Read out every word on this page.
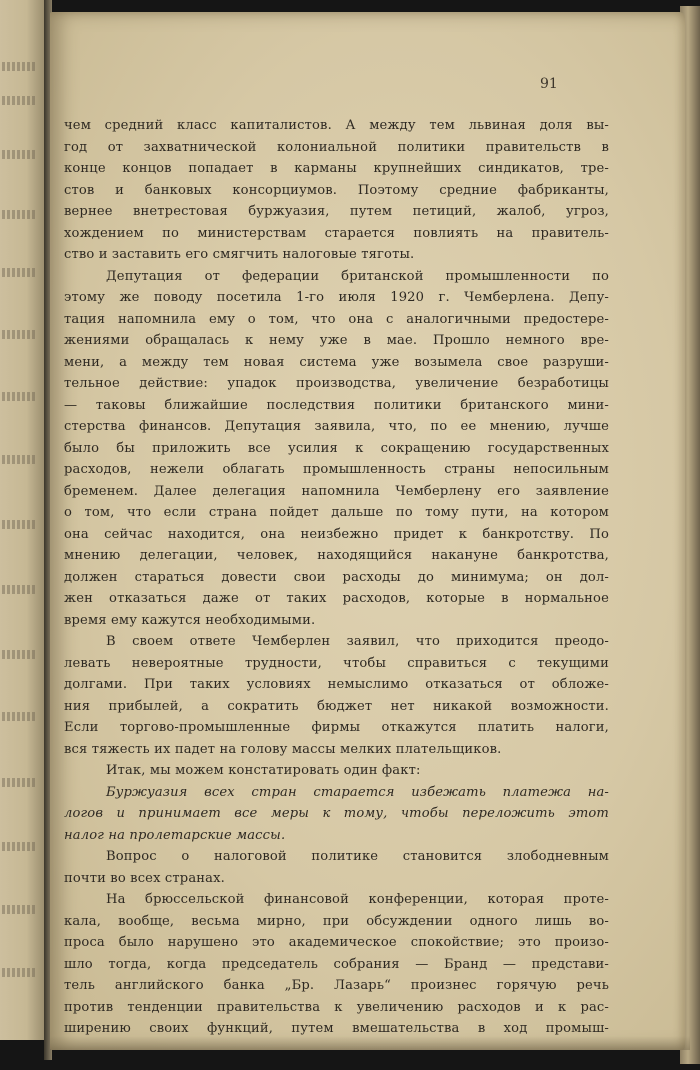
91
чем средний класс капиталистов. А между тем львиная доля вы-
год от захватнической колониальной политики правительств в
конце концов попадает в карманы крупнейших синдикатов, тре-
стов и банковых консорциумов. Поэтому средние фабриканты,
вернее внетрестовая буржуазия, путем петиций, жалоб, угроз,
хождением по министерствам старается повлиять на правитель-
ство и заставить его смягчить налоговые тяготы.
Депутация от федерации британской промышленности по
этому же поводу посетила 1-го июля 1920 г. Чемберлена. Депу-
тация напомнила ему о том, что она с аналогичными предостере-
жениями обращалась к нему уже в мае. Прошло немного вре-
мени, а между тем новая система уже возымела свое разруши-
тельное действие: упадок производства, увеличение безработицы
— таковы ближайшие последствия политики британского мини-
стерства финансов. Депутация заявила, что, по ее мнению, лучше
было бы приложить все усилия к сокращению государственных
расходов, нежели облагать промышленность страны непосильным
бременем. Далее делегация напомнила Чемберлену его заявление
о том, что если страна пойдет дальше по тому пути, на котором
она сейчас находится, она неизбежно придет к банкротству. По
мнению делегации, человек, находящийся накануне банкротства,
должен стараться довести свои расходы до минимума; он дол-
жен отказаться даже от таких расходов, которые в нормальное
время ему кажутся необходимыми.
В своем ответе Чемберлен заявил, что приходится преодо-
левать невероятные трудности, чтобы справиться с текущими
долгами. При таких условиях немыслимо отказаться от обложе-
ния прибылей, а сократить бюджет нет никакой возможности.
Если торгово-промышленные фирмы откажутся платить налоги,
вся тяжесть их падет на голову массы мелких плательщиков.
Итак, мы можем констатировать один факт:
Буржуазия всех стран старается избежать платежа на-
логов и принимает все меры к тому, чтобы переложить этот
налог на пролетарские массы.
Вопрос о налоговой политике становится злободневным
почти во всех странах.
На брюссельской финансовой конференции, которая проте-
кала, вообще, весьма мирно, при обсуждении одного лишь во-
проса было нарушено это академическое спокойствие; это произо-
шло тогда, когда председатель собрания — Бранд — представи-
тель английского банка „Бр. Лазарь“ произнес горячую речь
против тенденции правительства к увеличению расходов и к рас-
ширению своих функций, путем вмешательства в ход промыш-
